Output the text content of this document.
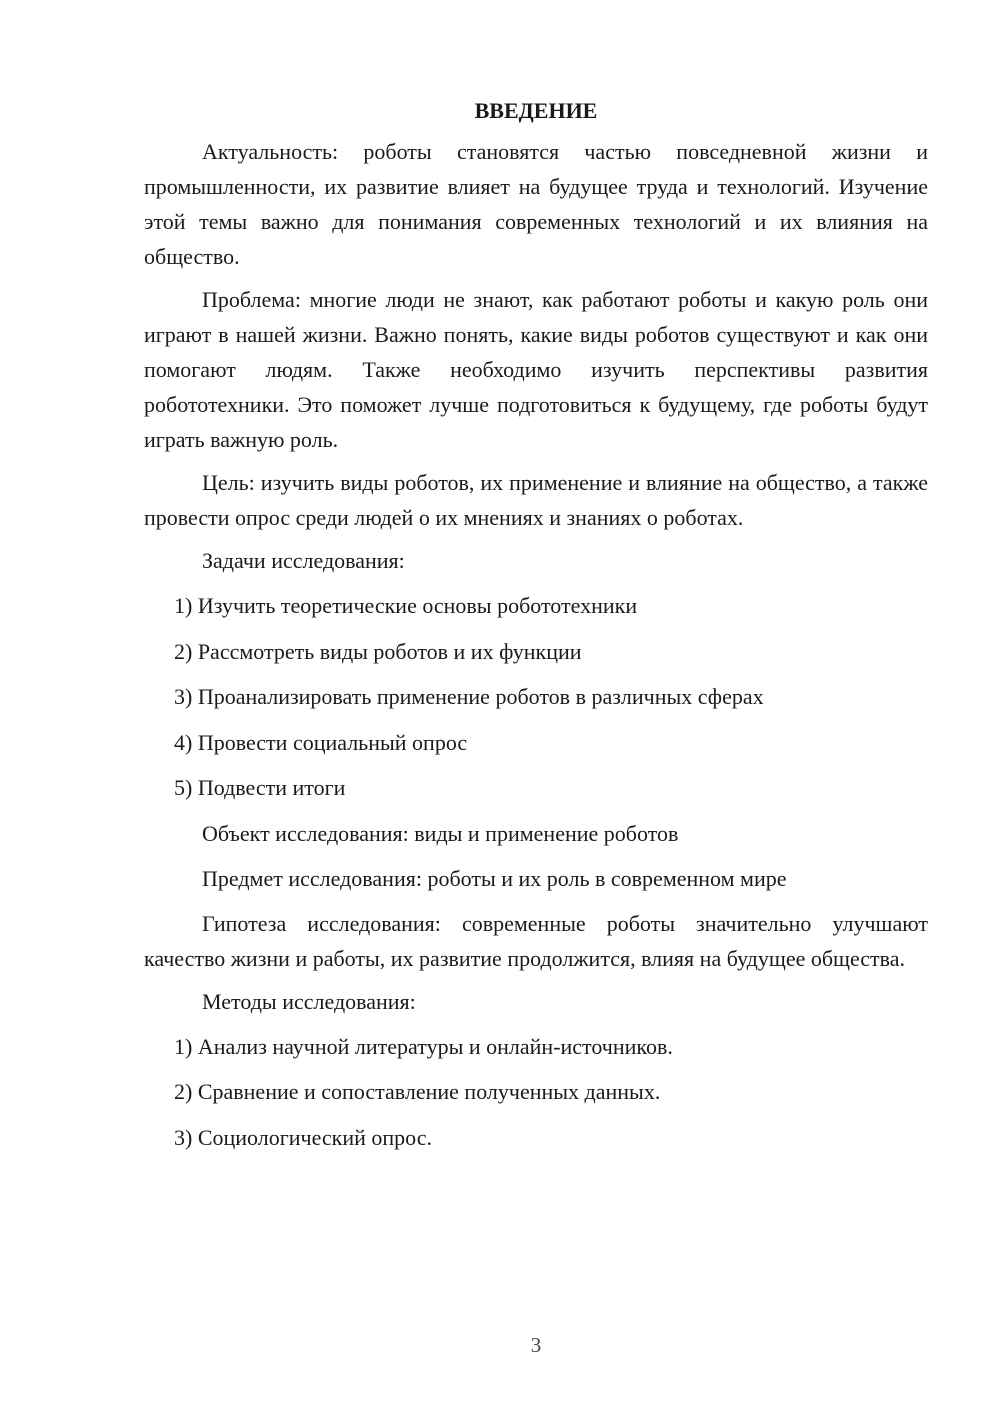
ВВЕДЕНИЕ

Актуальность: роботы становятся частью повседневной жизни и промышленности, их развитие влияет на будущее труда и технологий. Изучение этой темы важно для понимания современных технологий и их влияния на общество.

Проблема: многие люди не знают, как работают роботы и какую роль они играют в нашей жизни. Важно понять, какие виды роботов существуют и как они помогают людям. Также необходимо изучить перспективы развития робототехники. Это поможет лучше подготовиться к будущему, где роботы будут играть важную роль.

Цель: изучить виды роботов, их применение и влияние на общество, а также провести опрос среди людей о их мнениях и знаниях о роботах.

Задачи исследования:
1) Изучить теоретические основы робототехники
2) Рассмотреть виды роботов и их функции
3) Проанализировать применение роботов в различных сферах
4) Провести социальный опрос
5) Подвести итоги
Объект исследования: виды и применение роботов
Предмет исследования: роботы и их роль в современном мире

Гипотеза исследования: современные роботы значительно улучшают качество жизни и работы, их развитие продолжится, влияя на будущее общества.

Методы исследования:
1) Анализ научной литературы и онлайн-источников.
2) Сравнение и сопоставление полученных данных.
3) Социологический опрос.
3
